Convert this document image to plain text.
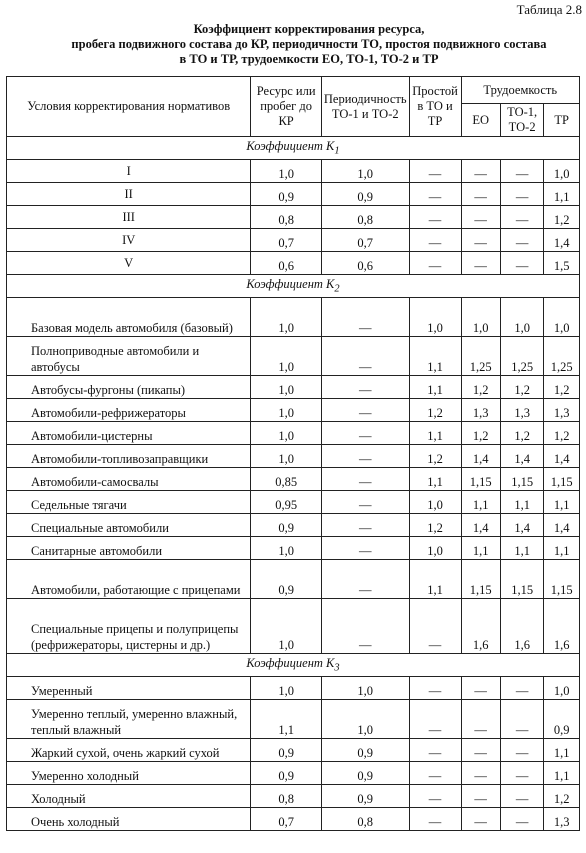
Таблица 2.8
Коэффициент корректирования ресурса,
пробега подвижного состава до КР, периодичности ТО, простоя подвижного состава
в ТО и ТР, трудоемкости ЕО, ТО-1, ТО-2 и ТР
Условия корректирования нормативов	Ресурс или пробег до КР	Периодичность ТО-1 и ТО-2	Простой в ТО и ТР	Трудоемкость		
				ЕО	ТО-1, ТО-2	ТР
Коэффициент $K_1$
I	1,0	1,0	—	—	—	1,0
II	0,9	0,9	—	—	—	1,1
III	0,8	0,8	—	—	—	1,2
IV	0,7	0,7	—	—	—	1,4
V	0,6	0,6	—	—	—	1,5
Коэффициент $K_2$
Базовая модель автомобиля (базовый)	1,0	—	1,0	1,0	1,0	1,0
Полноприводные автомобили и автобусы	1,0	—	1,1	1,25	1,25	1,25
Автобусы-фургоны (пикапы)	1,0	—	1,1	1,2	1,2	1,2
Автомобили-рефрижераторы	1,0	—	1,2	1,3	1,3	1,3
Автомобили-цистерны	1,0	—	1,1	1,2	1,2	1,2
Автомобили-топливозаправщики	1,0	—	1,2	1,4	1,4	1,4
Автомобили-самосвалы	0,85	—	1,1	1,15	1,15	1,15
Седельные тягачи	0,95	—	1,0	1,1	1,1	1,1
Специальные автомобили	0,9	—	1,2	1,4	1,4	1,4
Санитарные автомобили	1,0	—	1,0	1,1	1,1	1,1
Автомобили, работающие с прицепами	0,9	—	1,1	1,15	1,15	1,15
Специальные прицепы и полуприцепы (рефрижераторы, цистерны и др.)	1,0	—	—	1,6	1,6	1,6
Коэффициент $K_3$
Умеренный	1,0	1,0	—	—	—	1,0
Умеренно теплый, умеренно влажный, теплый влажный	1,1	1,0	—	—	—	0,9
Жаркий сухой, очень жаркий сухой	0,9	0,9	—	—	—	1,1
Умеренно холодный	0,9	0,9	—	—	—	1,1
Холодный	0,8	0,9	—	—	—	1,2
Очень холодный	0,7	0,8	—	—	—	1,3
